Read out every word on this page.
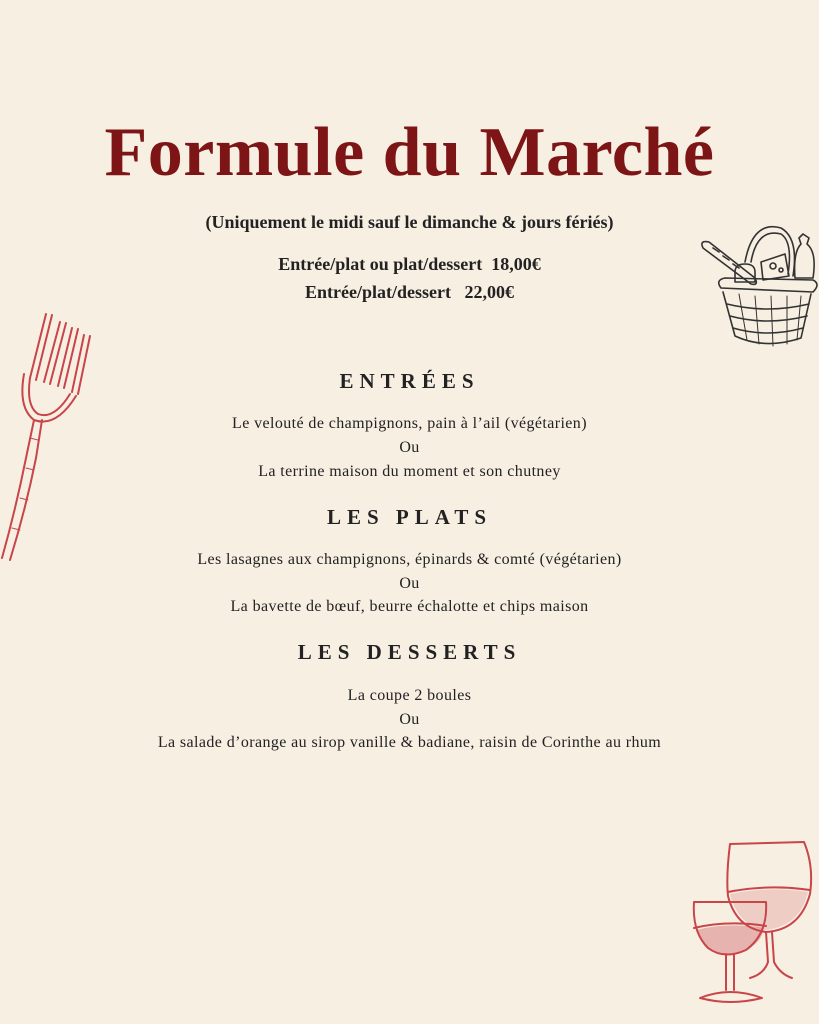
Formule du Marché
(Uniquement le midi sauf le dimanche & jours fériés)
Entrée/plat ou plat/dessert  18,00€
Entrée/plat/dessert   22,00€
ENTRÉES
Le velouté de champignons, pain à l’ail (végétarien)
Ou
La terrine maison du moment et son chutney
LES PLATS
Les lasagnes aux champignons, épinards & comté (végétarien)
Ou
La bavette de bœuf, beurre échalotte et chips maison
LES DESSERTS
La coupe 2 boules
Ou
La salade d’orange au sirop vanille & badiane, raisin de Corinthe au rhum
